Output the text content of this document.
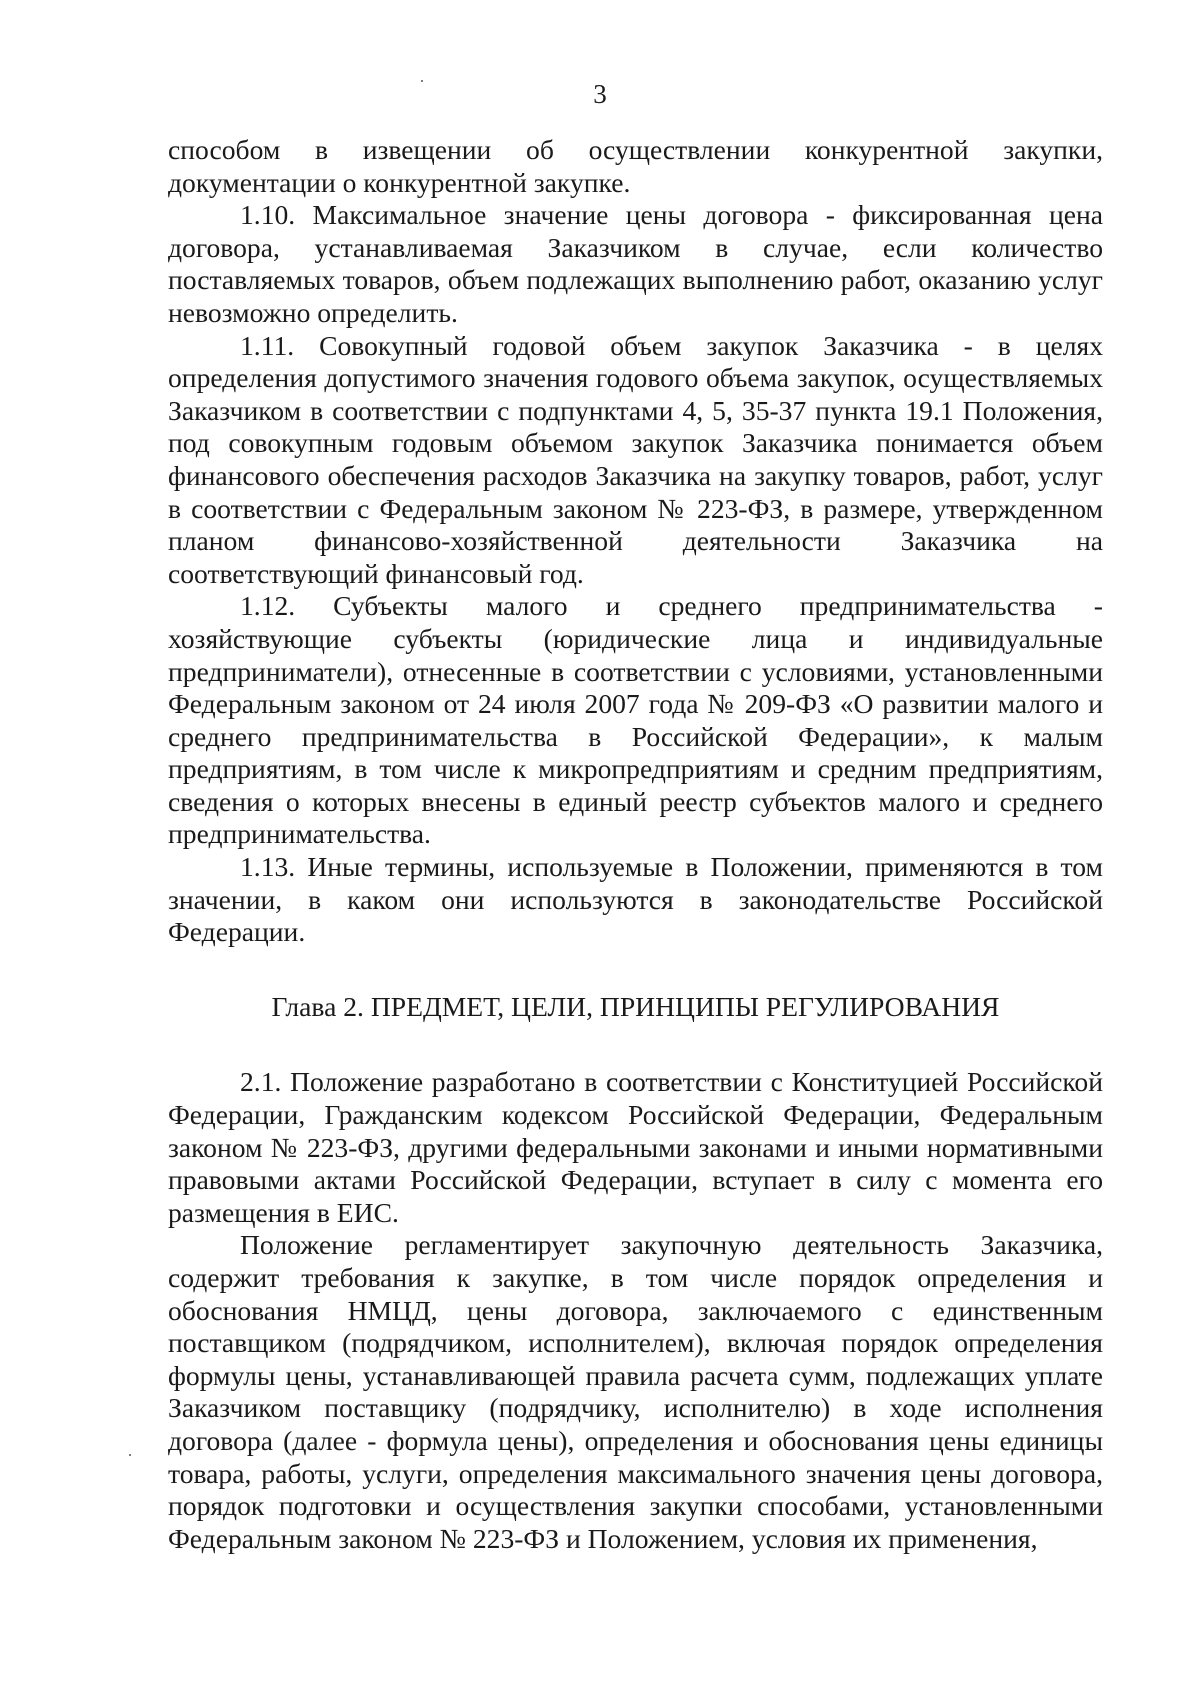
3

способом в извещении об осуществлении конкурентной закупки, документации о конкурентной закупке.

1.10. Максимальное значение цены договора - фиксированная цена договора, устанавливаемая Заказчиком в случае, если количество поставляемых товаров, объем подлежащих выполнению работ, оказанию услуг невозможно определить.

1.11. Совокупный годовой объем закупок Заказчика - в целях определения допустимого значения годового объема закупок, осуществляемых Заказчиком в соответствии с подпунктами 4, 5, 35-37 пункта 19.1 Положения, под совокупным годовым объемом закупок Заказчика понимается объем финансового обеспечения расходов Заказчика на закупку товаров, работ, услуг в соответствии с Федеральным законом № 223-ФЗ, в размере, утвержденном планом финансово-хозяйственной деятельности Заказчика на соответствующий финансовый год.

1.12. Субъекты малого и среднего предпринимательства - хозяйствующие субъекты (юридические лица и индивидуальные предприниматели), отнесенные в соответствии с условиями, установленными Федеральным законом от 24 июля 2007 года № 209-ФЗ «О развитии малого и среднего предпринимательства в Российской Федерации», к малым предприятиям, в том числе к микропредприятиям и средним предприятиям, сведения о которых внесены в единый реестр субъектов малого и среднего предпринимательства.

1.13. Иные термины, используемые в Положении, применяются в том значении, в каком они используются в законодательстве Российской Федерации.

Глава 2. ПРЕДМЕТ, ЦЕЛИ, ПРИНЦИПЫ РЕГУЛИРОВАНИЯ

2.1. Положение разработано в соответствии с Конституцией Российской Федерации, Гражданским кодексом Российской Федерации, Федеральным законом № 223-ФЗ, другими федеральными законами и иными нормативными правовыми актами Российской Федерации, вступает в силу с момента его размещения в ЕИС.

Положение регламентирует закупочную деятельность Заказчика, содержит требования к закупке, в том числе порядок определения и обоснования НМЦД, цены договора, заключаемого с единственным поставщиком (подрядчиком, исполнителем), включая порядок определения формулы цены, устанавливающей правила расчета сумм, подлежащих уплате Заказчиком поставщику (подрядчику, исполнителю) в ходе исполнения договора (далее - формула цены), определения и обоснования цены единицы товара, работы, услуги, определения максимального значения цены договора, порядок подготовки и осуществления закупки способами, установленными Федеральным законом № 223-ФЗ и Положением, условия их применения,
